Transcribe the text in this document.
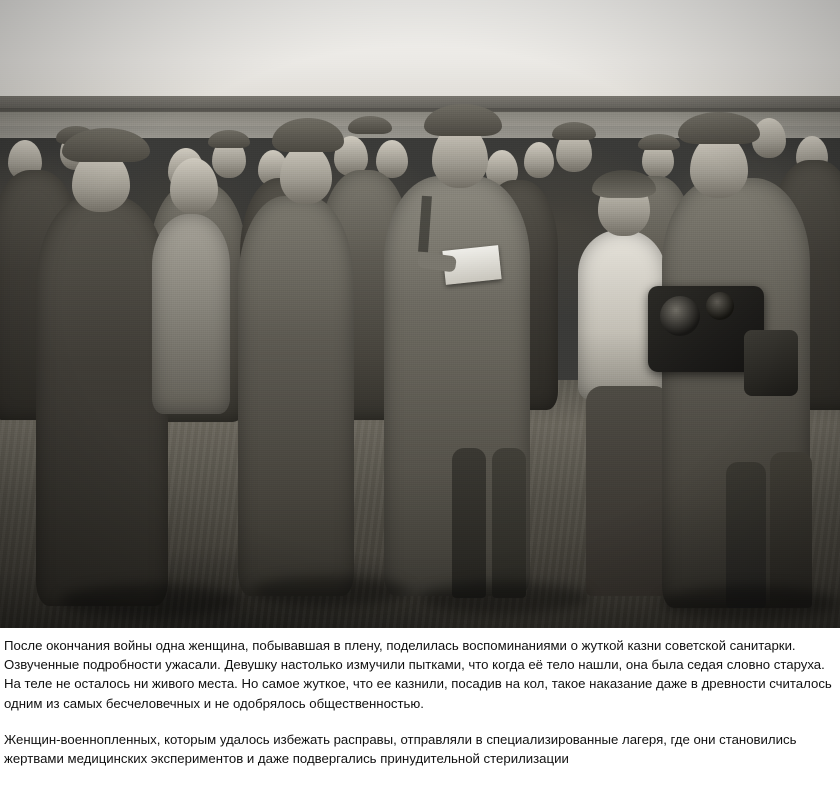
После окончания войны одна женщина, побывавшая в плену, поделилась воспоминаниями о жуткой казни советской санитарки. Озвученные подробности ужасали. Девушку настолько измучили пытками, что когда её тело нашли, она была седая словно старуха. На теле не осталось ни живого места. Но самое жуткое, что ее казнили, посадив на кол, такое наказание даже в древности считалось одним из самых бесчеловечных и не одобрялось общественностью.

Женщин-военнопленных, которым удалось избежать расправы, отправляли в специализированные лагеря, где они становились жертвами медицинских экспериментов и даже подвергались принудительной стерилизации
